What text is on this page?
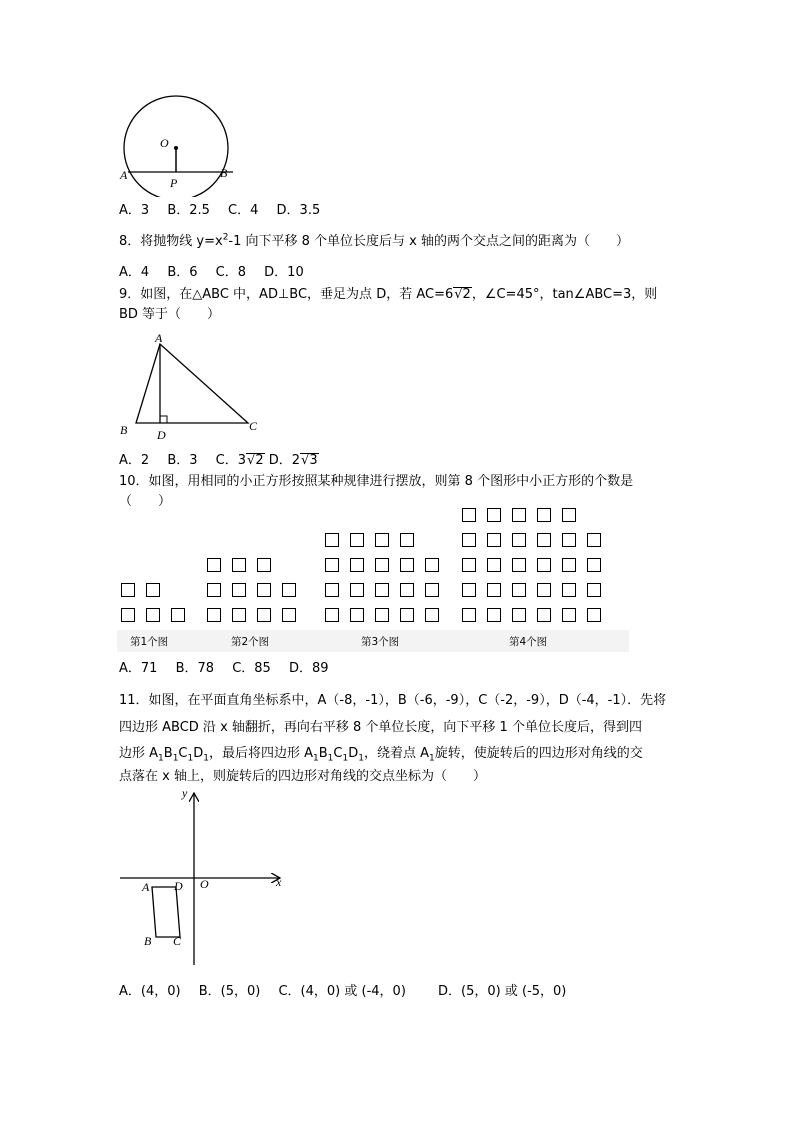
O
A
P
B
A．3 B．2.5 C．4 D．3.5
8．将抛物线 $y=x^2-1$ 向下平移 8 个单位长度后与 x 轴的两个交点之间的距离为（　　）
A．4 B．6 C．8 D．10
9．如图，在△ABC 中，AD⊥BC，垂足为点 D，若 AC=6√2，∠C=45°，tan∠ABC=3，则
BD 等于（　　）
A
B D
C
A．2 B．3 C．3√2 D．2√3
10．如图，用相同的小正方形按照某种规律进行摆放，则第 8 个图形中小正方形的个数是
（　　）
第1个图	第2个图	第3个图	第4个图
A．71 B．78 C．85 D．89
11．如图，在平面直角坐标系中，A（-8，-1），B（-6，-9），C（-2，-9），D（-4，-1）．先将
四边形 ABCD 沿 x 轴翻折，再向右平移 8 个单位长度，向下平移 1 个单位长度后，得到四
边形 $A_1B_1C_1D_1$，最后将四边形 $A_1B_1C_1D_1$，绕着点 $A_1$旋转，使旋转后的四边形对角线的交
点落在 x 轴上，则旋转后的四边形对角线的交点坐标为（　　）
y
x
O
A D
B C
A．(4，0) B．(5，0) C．(4，0) 或 (-4，0) D．(5，0) 或 (-5，0)
